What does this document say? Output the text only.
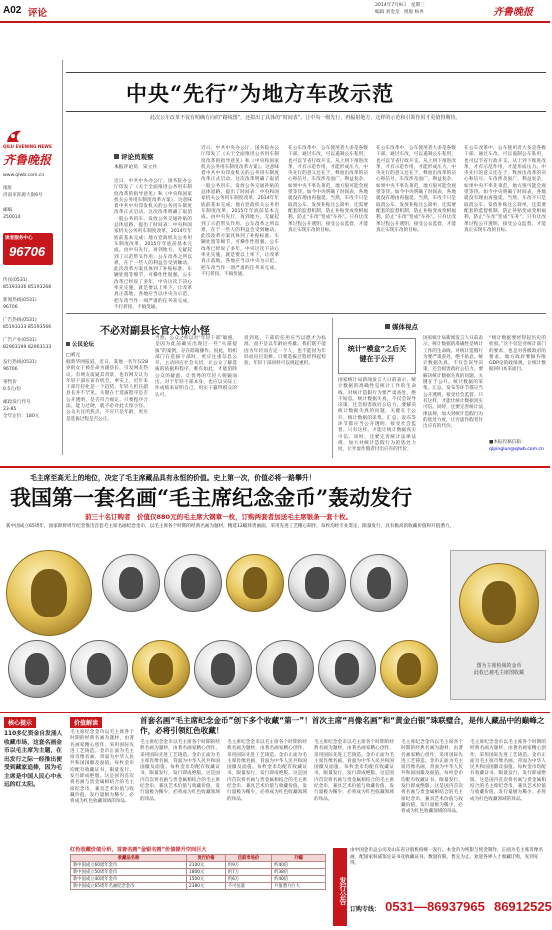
A02 评论
2014年7月9日　星期三
编辑 刘金龙　组版 杨冉	齐鲁晚报
QILU EVENING NEWS
齐鲁晚报
www.qlwb.com.cn
地址
济南市泺源大街6号
邮编
250014
读者服务中心
96706
传真(0531)
85193336 85193268
新闻热线(0531)
96706
广告热线(0531)
85193333 85193566
广告产业(0531)
82963199 82963133
发行热线(0531)
96706
零售价
0.5元/份
邮政发行代号
23-85
全年定价：180元
中央“先行”为地方车改示范
此次公车改革不仅有明确方向的“路线图”，还拟出了具体的“时间表”。让中央一级先行，再辐射地方，这样的示范和引领作用才更值得期待。
评论员观察
本报评论员　宋立兵
近日，中共中央办公厅、国务院办公厅印发了《关于全面推进公务用车制度改革的指导意见》和《中央和国家机关公务用车制度改革方案》。这意味着中共中央印发机关的公务用车制度改革正式启动。这次改革明确了取消一般公务用车、发放公务交通补贴的总体思路，提出了时间表：中央和国家机关公务用车制度改革，2014年年底前基本完成；地方党政机关公务用车制度改革，2015年年底前基本完成。由中央先行，再到地方，无疑起到了示范带头作用。公车改革之所以难，在于一些人的利益会受到触动。此次改革方案具体到了补贴标准、车辆处置等细节，可操作性很强。公车改革已经说了多年，中央这次下决心率先实施，就是要以上率下，让改革真正落地。各地应当以中央为示范，把车改当作一项严肃的任务来完成，不打折扣，不搞变通。
近日，中共中央办公厅、国务院办公厅印发了《关于全面推进公务用车制度改革的指导意见》和《中央和国家机关公务用车制度改革方案》。这意味着中共中央印发机关的公务用车制度改革正式启动。这次改革明确了取消一般公务用车、发放公务交通补贴的总体思路，提出了时间表：中央和国家机关公务用车制度改革，2014年年底前基本完成；地方党政机关公务用车制度改革，2015年年底前基本完成。由中央先行，再到地方，无疑起到了示范带头作用。公车改革之所以难，在于一些人的利益会受到触动。此次改革方案具体到了补贴标准、车辆处置等细节，可操作性很强。公车改革已经说了多年，中央这次下决心率先实施，就是要以上率下，让改革真正落地。各地应当以中央为示范，把车改当作一项严肃的任务来完成，不打折扣，不搞变通。
在公车改革中，公车使用者大多是各级干部，通过车改，可以遏制公车私用，也可以节省行政开支。从上到下推进改革，才有示范作用，才能形成压力。中央先行的意义还在于，释放出改革的决心和信号。车改涉及面广，利益复杂，如果中央不率先垂范，地方很可能会观望等待。如今中央明确了时间表，各地就没有理由再拖延。当然，车改不只是取消公车、发放补贴这么简单，还需要配套的监督机制，防止补贴变成变相福利，防止“车改”变成“车补”。只有让改革过程公开透明，接受公众监督，才能真正实现车改的目标。
在公车改革中，公车使用者大多是各级干部，通过车改，可以遏制公车私用，也可以节省行政开支。从上到下推进改革，才有示范作用，才能形成压力。中央先行的意义还在于，释放出改革的决心和信号。车改涉及面广，利益复杂，如果中央不率先垂范，地方很可能会观望等待。如今中央明确了时间表，各地就没有理由再拖延。当然，车改不只是取消公车、发放补贴这么简单，还需要配套的监督机制，防止补贴变成变相福利，防止“车改”变成“车补”。只有让改革过程公开透明，接受公众监督，才能真正实现车改的目标。
在公车改革中，公车使用者大多是各级干部，通过车改，可以遏制公车私用，也可以节省行政开支。从上到下推进改革，才有示范作用，才能形成压力。中央先行的意义还在于，释放出改革的决心和信号。车改涉及面广，利益复杂，如果中央不率先垂范，地方很可能会观望等待。如今中央明确了时间表，各地就没有理由再拖延。当然，车改不只是取消公车、发放补贴这么简单，还需要配套的监督机制，防止补贴变成变相福利，防止“车改”变成“车补”。只有让改革过程公开透明，接受公众监督，才能真正实现车改的目标。
不必对副县长官大惊小怪
公民论坛
□刘元
据新华网报道，近日，某地一名年仅28岁的女子被任命为副县长，引发网友热议。有网友质疑其背景，也有网友认为年轻干部应该有机会。事实上，近年来干部年轻化是一个趋势，年轻人担任副县长并不罕见。关键在于选拔程序是否公开透明，是否符合规定。只要程序合法、能力过硬，就不必对此大惊小怪。公众关注的焦点，不应只是年龄，更应是选拔过程是否公正。
当然，公众之所以对“年轻干部”敏感，是因为此前确实出现过一些“火箭提拔”的案例，存在暗箱操作。因此，组织部门在选拔干部时，更应注重信息公开，主动回应社会关切，让公众了解选拔的依据和程序。唯有如此，才能消除公众的疑虑，让优秀的年轻人脱颖而出。对于年轻干部本身，也应以实际工作成绩来证明自己，用实干赢得群众的认可。
说到底，干部的任用应当以德才为标准，而不是以年龄论英雄。我们既不能因为年轻而否定一个人，也不能因为年轻而盲目追捧。只要选拔过程经得起检验，年轻干部同样可以挑起重担。
媒体视点
统计“模盒”之后关键在于公开
国家统计局新闻发言人日前表示，统计数据的准确性是统计工作的生命线。对统计造假行为要严肃查处，绝不姑息。统计数据失真，不仅会误导决策，还会损害政府公信力。要解决统计数据失真的问题，关键在于公开。统计数据的采集、汇总、发布等环节都应当公开透明，接受社会监督。只有这样，才能让统计数据真实可信。同时，还要完善统计法律法规，加大对统计造假行为的惩处力度，让弄虚作假者付出应有的代价。
国家统计局新闻发言人日前表示，统计数据的准确性是统计工作的生命线。对统计造假行为要严肃查处，绝不姑息。统计数据失真，不仅会误导决策，还会损害政府公信力。要解决统计数据失真的问题，关键在于公开。统计数据的采集、汇总、发布等环节都应当公开透明，接受社会监督。只有这样，才能让统计数据真实可信。同时，还要完善统计法律法规，加大对统计造假行为的惩处力度，让弄虚作假者付出应有的代价。
“统计数据要经得起历史的检验。”这不仅是对统计部门的要求，也是对各级政府的要求。地方政府要摒弃唯GDP论的政绩观，让统计数据回归本来面目。
■本报投稿信箱：
qlpinglun@qlwb.com.cn
毛主席至高无上的地位，决定了毛主席藏品具有永恒的价值。史上第一次，价值必将一路攀升！
我国第一套名画“毛主席纪念金币”轰动发行
前三十名订购者　价值仅880元的毛主席大钢章一枚，订购两套者加送毛主席银条一套十枚。
新中国成立65周年，国家即将周年纪念推出首套毛主席名画纪念金币，以毛主席各个时期的经典名画为题材，精选12幅珍贵画面，采用先进工艺精心制作，每枚均经专业鉴定，限量发行，具有极高的收藏价值和升值潜力。
图为主席检阅的金币
此枚已被毛主席图收藏
核心提示
110多亿资金自发涌人收藏市场，这套名画金币以毛主席为主题，在出发行之际一经推出便受到藏家追捧，因为毛主席是中国人民心中永远的红太阳。
价值解读	首套名画“毛主席纪念金币”创下多个收藏“第一”！首次主席“肖像名画”和“黄金白银”珠联璧合，是伟人藏品中的巅峰之作，必将引领红色收藏！
毛主席纪念金币以毛主席各个时期的经典名画为题材，由著名画家精心创作，采用国际先进工艺铸造。金币正面为毛主席肖像名画，背面为中华人民共和国国徽及面值。每枚金币均配有收藏证书，限量发行，发行即成绝版。这是国内首次将名画与贵金属相结合的毛主席纪念币，兼具艺术价值与收藏价值，发行量极为稀少，必将成为红色收藏领域的珍品。
毛主席纪念金币以毛主席各个时期的经典名画为题材，由著名画家精心创作，采用国际先进工艺铸造。金币正面为毛主席肖像名画，背面为中华人民共和国国徽及面值。每枚金币均配有收藏证书，限量发行，发行即成绝版。这是国内首次将名画与贵金属相结合的毛主席纪念币，兼具艺术价值与收藏价值，发行量极为稀少，必将成为红色收藏领域的珍品。
毛主席纪念金币以毛主席各个时期的经典名画为题材，由著名画家精心创作，采用国际先进工艺铸造。金币正面为毛主席肖像名画，背面为中华人民共和国国徽及面值。每枚金币均配有收藏证书，限量发行，发行即成绝版。这是国内首次将名画与贵金属相结合的毛主席纪念币，兼具艺术价值与收藏价值，发行量极为稀少，必将成为红色收藏领域的珍品。
毛主席纪念金币以毛主席各个时期的经典名画为题材，由著名画家精心创作，采用国际先进工艺铸造。金币正面为毛主席肖像名画，背面为中华人民共和国国徽及面值。每枚金币均配有收藏证书，限量发行，发行即成绝版。这是国内首次将名画与贵金属相结合的毛主席纪念币，兼具艺术价值与收藏价值，发行量极为稀少，必将成为红色收藏领域的珍品。
毛主席纪念金币以毛主席各个时期的经典名画为题材，由著名画家精心创作，采用国际先进工艺铸造。金币正面为毛主席肖像名画，背面为中华人民共和国国徽及面值。每枚金币均配有收藏证书，限量发行，发行即成绝版。这是国内首次将名画与贵金属相结合的毛主席纪念币，兼具艺术价值与收藏价值，发行量极为稀少，必将成为红色收藏领域的珍品。
毛主席纪念金币以毛主席各个时期的经典名画为题材，由著名画家精心创作，采用国际先进工艺铸造。金币正面为毛主席肖像名画，背面为中华人民共和国国徽及面值。每枚金币均配有收藏证书，限量发行，发行即成绝版。这是国内首次将名画与贵金属相结合的毛主席纪念币，兼具艺术价值与收藏价值，发行量极为稀少，必将成为红色收藏领域的珍品。
红色收藏价值分析，首套名画“金银名画”价值提升空间巨大
收藏品名称	发行价格	目前市场价	升幅
新中国成立60周年金币	2100元	约9万	约40倍
新中国成立50周年金币	1800元	约7万	约38倍
新中国成立40周年金币	1500元	约6万	约40倍
新中国成立65周年名画纪念金币	2380元	不可估量	升值潜力巨大	发行公告
由中国金币总公司及山东省分销机构统一发行。本金币为纯银与纯金制作，正面为毛主席肖像名画，配国家权威鉴定证书及收藏证书。数量有限，售完为止。欢迎各界人士收藏订购，先到先得。
订购专线： 0531—86937965 86912525
